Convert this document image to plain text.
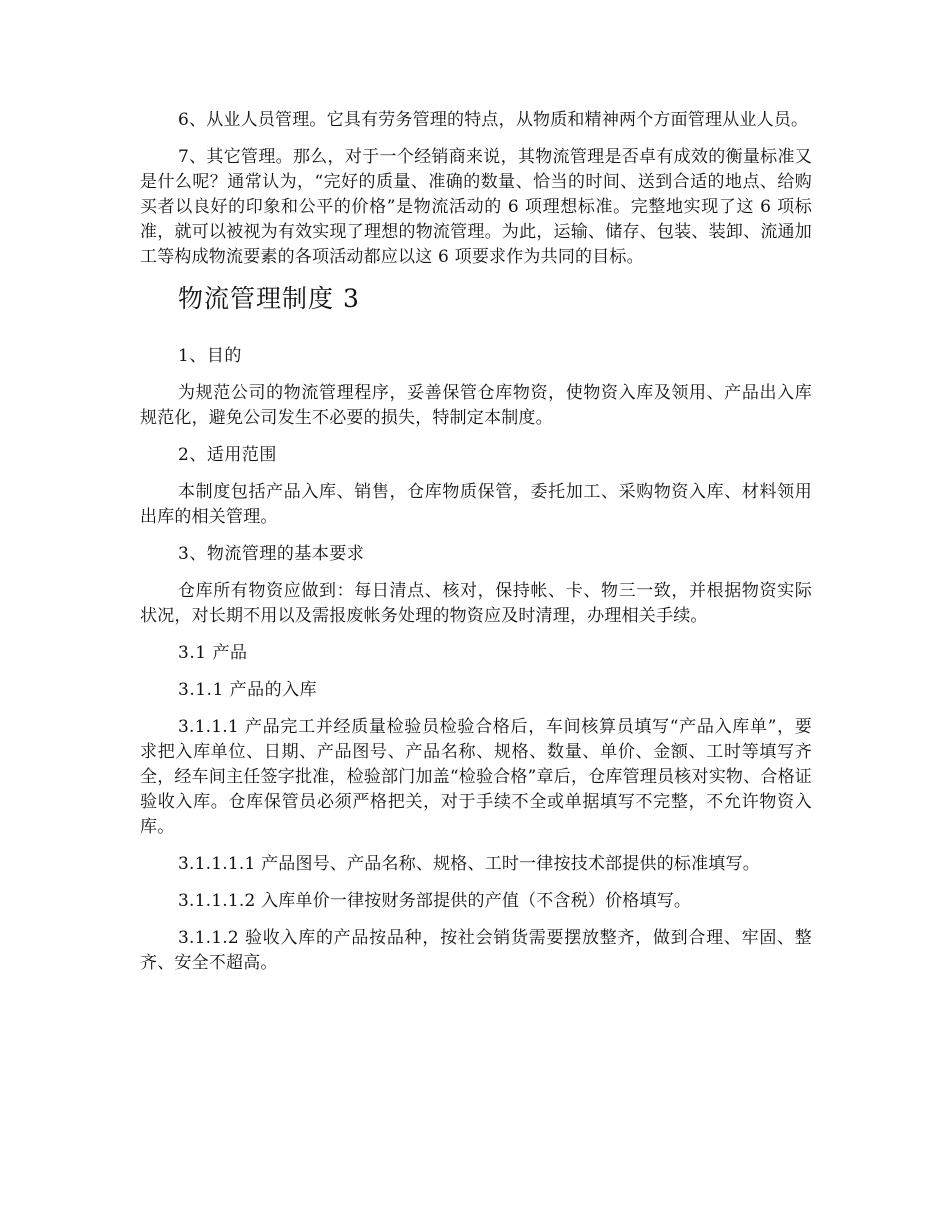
6、从业人员管理。它具有劳务管理的特点，从物质和精神两个方面管理从业人员。

7、其它管理。那么，对于一个经销商来说，其物流管理是否卓有成效的衡量标准又是什么呢？通常认为，“完好的质量、准确的数量、恰当的时间、送到合适的地点、给购买者以良好的印象和公平的价格”是物流活动的 6 项理想标准。完整地实现了这 6 项标准，就可以被视为有效实现了理想的物流管理。为此，运输、储存、包装、装卸、流通加工等构成物流要素的各项活动都应以这 6 项要求作为共同的目标。

物流管理制度 3

1、目的

为规范公司的物流管理程序，妥善保管仓库物资，使物资入库及领用、产品出入库规范化，避免公司发生不必要的损失，特制定本制度。

2、适用范围

本制度包括产品入库、销售，仓库物质保管，委托加工、采购物资入库、材料领用出库的相关管理。

3、物流管理的基本要求

仓库所有物资应做到：每日清点、核对，保持帐、卡、物三一致，并根据物资实际状况，对长期不用以及需报废帐务处理的物资应及时清理，办理相关手续。

3.1 产品

3.1.1 产品的入库

3.1.1.1 产品完工并经质量检验员检验合格后，车间核算员填写“产品入库单”，要求把入库单位、日期、产品图号、产品名称、规格、数量、单价、金额、工时等填写齐全，经车间主任签字批准，检验部门加盖“检验合格”章后，仓库管理员核对实物、合格证验收入库。仓库保管员必须严格把关，对于手续不全或单据填写不完整，不允许物资入库。

3.1.1.1.1 产品图号、产品名称、规格、工时一律按技术部提供的标准填写。

3.1.1.1.2 入库单价一律按财务部提供的产值（不含税）价格填写。

3.1.1.2 验收入库的产品按品种，按社会销货需要摆放整齐，做到合理、牢固、整齐、安全不超高。
